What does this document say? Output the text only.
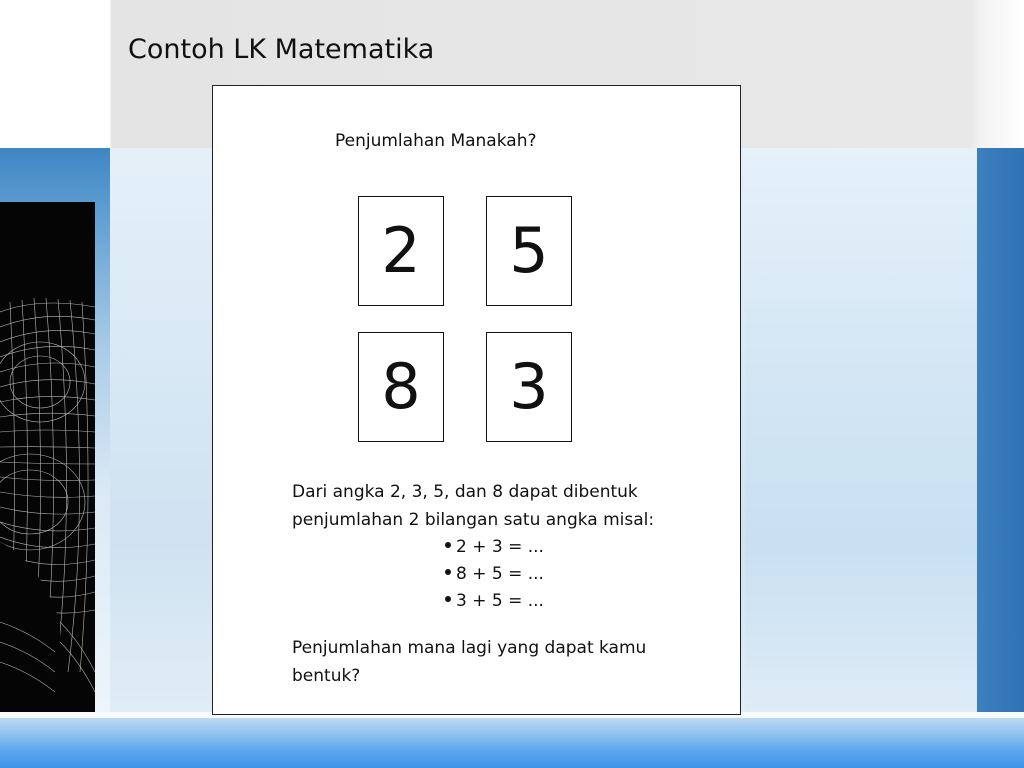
Contoh LK Matematika
Penjumlahan Manakah?
2	5
8	3

Dari angka 2, 3, 5, dan 8 dapat dibentuk penjumlahan 2 bilangan satu angka misal:

2 + 3 = ...
8 + 5 = ...
3 + 5 = ...
Penjumlahan mana lagi yang dapat kamu bentuk?
